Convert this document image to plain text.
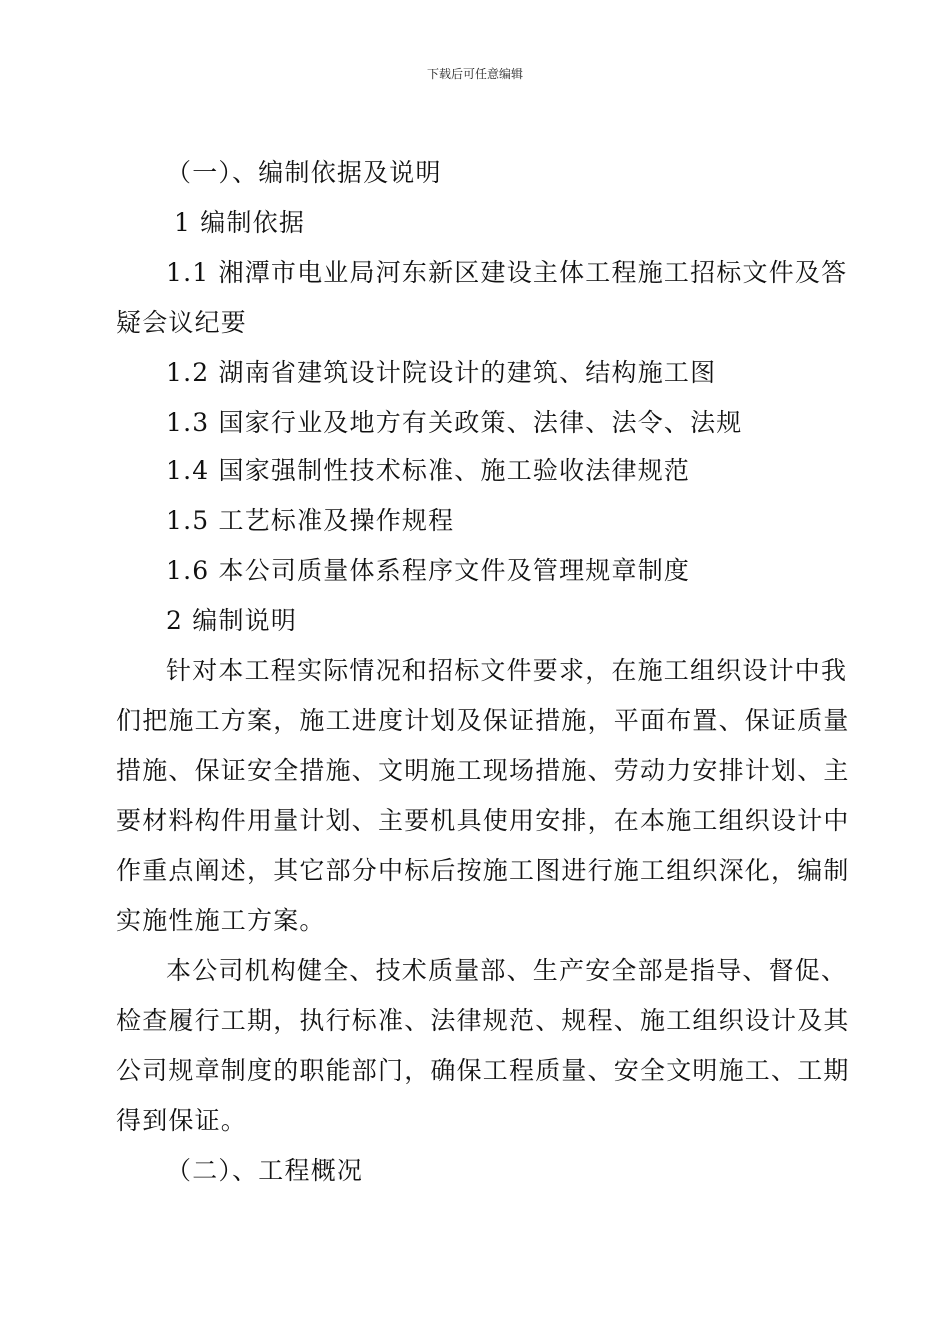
下载后可任意编辑
（一）、编制依据及说明
1 编制依据
1.1 湘潭市电业局河东新区建设主体工程施工招标文件及答
疑会议纪要
1.2 湖南省建筑设计院设计的建筑、结构施工图
1.3 国家行业及地方有关政策、法律、法令、法规
1.4 国家强制性技术标准、施工验收法律规范
1.5 工艺标准及操作规程
1.6 本公司质量体系程序文件及管理规章制度
2 编制说明
针对本工程实际情况和招标文件要求，在施工组织设计中我
们把施工方案，施工进度计划及保证措施，平面布置、保证质量
措施、保证安全措施、文明施工现场措施、劳动力安排计划、主
要材料构件用量计划、主要机具使用安排，在本施工组织设计中
作重点阐述，其它部分中标后按施工图进行施工组织深化，编制
实施性施工方案。
本公司机构健全、技术质量部、生产安全部是指导、督促、
检查履行工期，执行标准、法律规范、规程、施工组织设计及其
公司规章制度的职能部门，确保工程质量、安全文明施工、工期
得到保证。
（二）、工程概况
